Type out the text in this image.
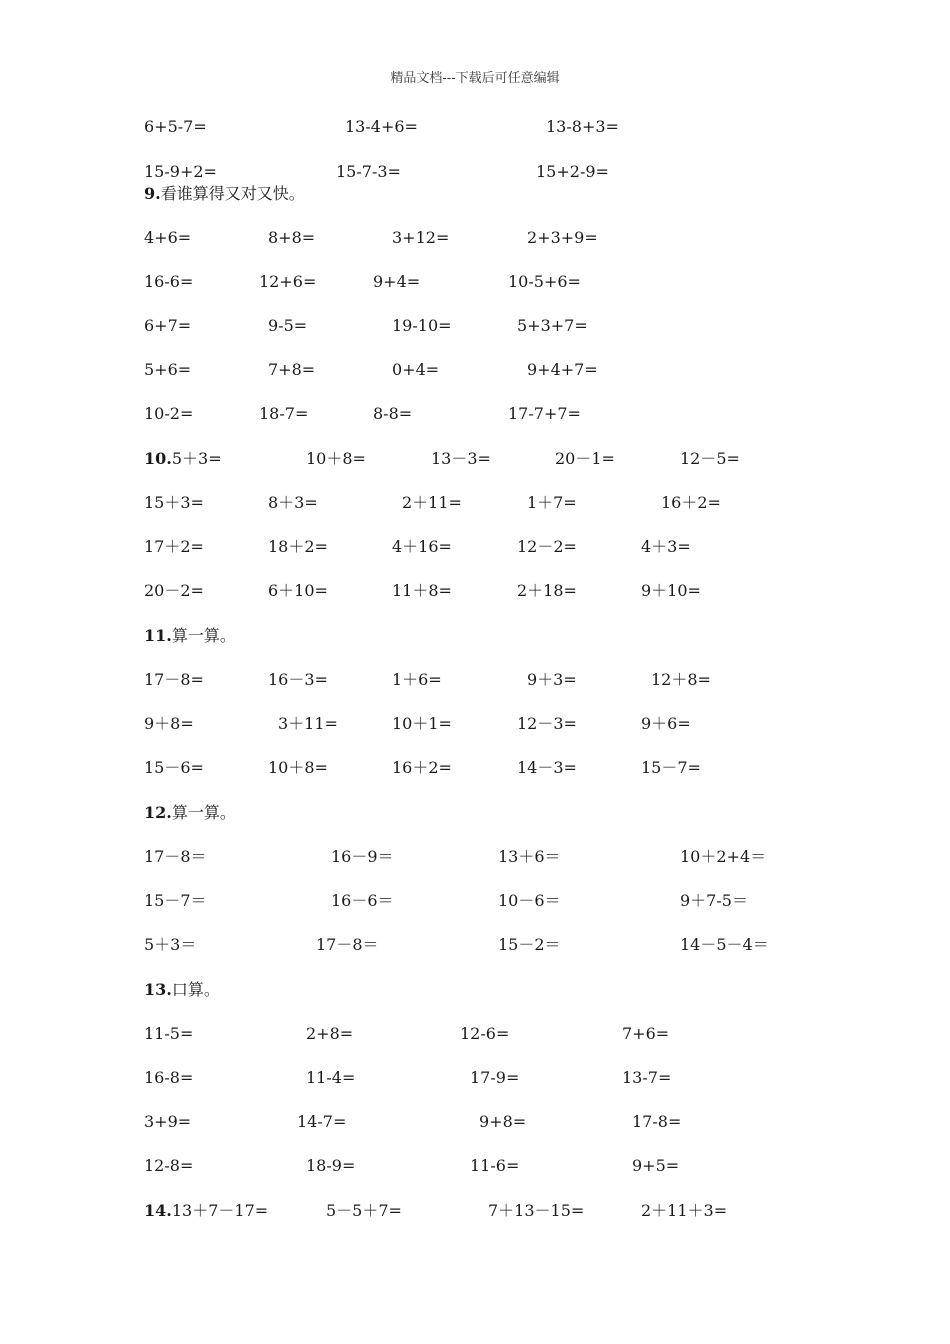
精品文档---下载后可任意编辑
6+5-7=	13-4+6=	13-8+3=
15-9+2=	15-7-3=	15+2-9=
9.看谁算得又对又快。
4+6=	8+8=	3+12=	2+3+9=
16-6=	12+6=	9+4=	10-5+6=
6+7=	9-5=	19-10=	5+3+7=
5+6=	7+8=	0+4=	9+4+7=
10-2=	18-7=	8-8=	17-7+7=
10.5＋3=	10＋8=	13－3=	20－1=	12－5=
15＋3=	8＋3=	2＋11=	1＋7=	16＋2=
17＋2=	18＋2=	4＋16=	12－2=	4＋3=
20－2=	6＋10=	11＋8=	2＋18=	9＋10=
11.算一算。
17－8=	16－3=	1＋6=	9＋3=	12＋8=
9＋8=	3＋11=	10＋1=	12－3=	9＋6=
15－6=	10＋8=	16＋2=	14－3=	15－7=
12.算一算。
17－8＝	16－9＝	13＋6＝	10＋2+4＝
15－7＝	16－6＝	10－6＝	9＋7-5＝
5＋3＝	17－8＝	15－2＝	14－5－4＝
13.口算。
11-5=	2+8=	12-6=	7+6=
16-8=	11-4=	17-9=	13-7=
3+9=	14-7=	9+8=	17-8=
12-8=	18-9=	11-6=	9+5=
14.13＋7－17=	5－5＋7=	7＋13－15=	2＋11＋3=
